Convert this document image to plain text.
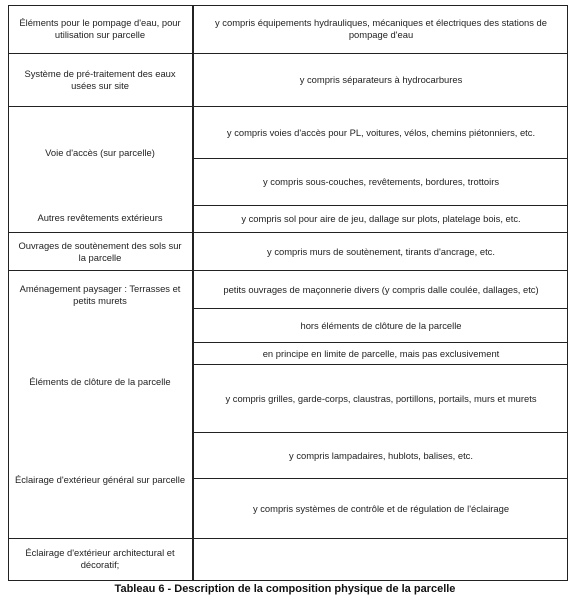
Éléments pour le pompage d'eau, pour utilisation sur parcelle
Système de pré-traitement des eaux usées sur site
Voie d'accès (sur parcelle)
Autres revêtements extérieurs
Ouvrages de soutènement des sols sur la parcelle
Aménagement paysager : Terrasses et petits murets
Éléments de clôture de la parcelle
Éclairage d'extérieur général sur parcelle
Éclairage d'extérieur architectural et décoratif;
y compris équipements hydrauliques, mécaniques et électriques des stations de pompage d'eau
y compris séparateurs à hydrocarbures
y compris voies d'accès pour PL, voitures, vélos, chemins piétonniers, etc.
y compris sous-couches, revêtements, bordures, trottoirs
y compris sol pour aire de jeu, dallage sur plots, platelage bois, etc.
y compris murs de soutènement, tirants d'ancrage, etc.
petits ouvrages de maçonnerie divers (y compris dalle coulée, dallages, etc)
hors éléments de clôture de la parcelle
en principe en limite de parcelle, mais pas exclusivement
y compris grilles, garde-corps, claustras, portillons, portails, murs et murets
y compris lampadaires, hublots, balises, etc.
y compris systèmes de contrôle et de régulation de l'éclairage
Tableau 6 - Description de la composition physique de la parcelle
